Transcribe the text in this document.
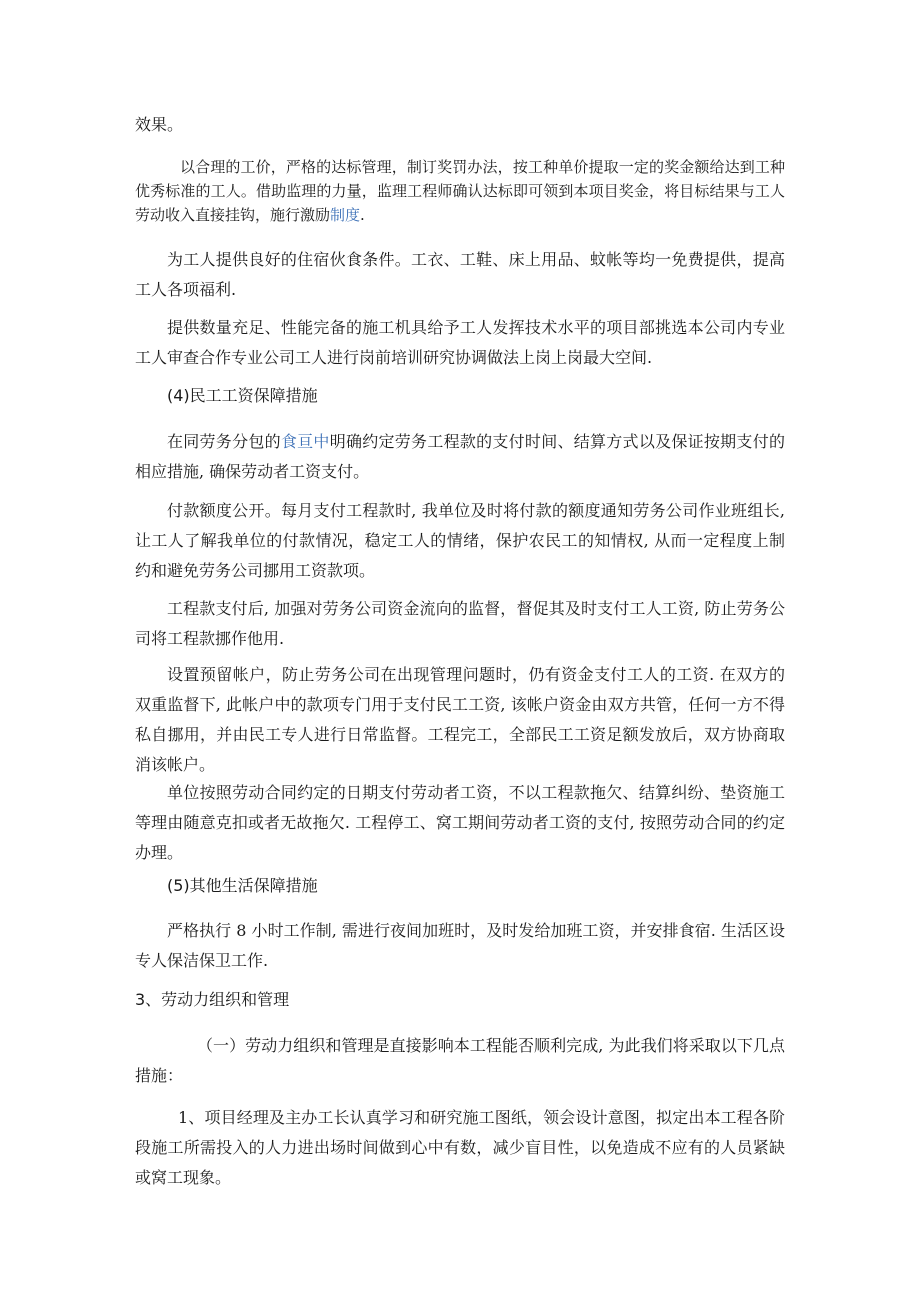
效果。

以合理的工价，严格的达标管理，制订奖罚办法，按工种单价提取一定的奖金额给达到工种优秀标准的工人。借助监理的力量，监理工程师确认达标即可领到本项目奖金，将目标结果与工人劳动收入直接挂钩，施行激励制度.

为工人提供良好的住宿伙食条件。工衣、工鞋、床上用品、蚊帐等均一免费提供，提高工人各项福利.

提供数量充足、性能完备的施工机具给予工人发挥技术水平的项目部挑选本公司内专业工人审查合作专业公司工人进行岗前培训研究协调做法上岗上岗最大空间.

(4)民工工资保障措施

在同劳务分包的食亘中明确约定劳务工程款的支付时间、结算方式以及保证按期支付的相应措施, 确保劳动者工资支付。

付款额度公开。每月支付工程款时, 我单位及时将付款的额度通知劳务公司作业班组长, 让工人了解我单位的付款情况，稳定工人的情绪，保护农民工的知情权, 从而一定程度上制约和避免劳务公司挪用工资款项。

工程款支付后, 加强对劳务公司资金流向的监督，督促其及时支付工人工资, 防止劳务公司将工程款挪作他用.

设置预留帐户，防止劳务公司在出现管理问题时，仍有资金支付工人的工资. 在双方的双重监督下, 此帐户中的款项专门用于支付民工工资, 该帐户资金由双方共管，任何一方不得私自挪用，并由民工专人进行日常监督。工程完工，全部民工工资足额发放后，双方协商取消该帐户。

单位按照劳动合同约定的日期支付劳动者工资，不以工程款拖欠、结算纠纷、垫资施工等理由随意克扣或者无故拖欠. 工程停工、窝工期间劳动者工资的支付, 按照劳动合同的约定办理。

(5)其他生活保障措施

严格执行 8 小时工作制, 需进行夜间加班时，及时发给加班工资，并安排食宿. 生活区设专人保洁保卫工作.

3、劳动力组织和管理

（一）劳动力组织和管理是直接影响本工程能否顺利完成, 为此我们将采取以下几点措施：

1、项目经理及主办工长认真学习和研究施工图纸，领会设计意图，拟定出本工程各阶段施工所需投入的人力进出场时间做到心中有数，减少盲目性，以免造成不应有的人员紧缺或窝工现象。
